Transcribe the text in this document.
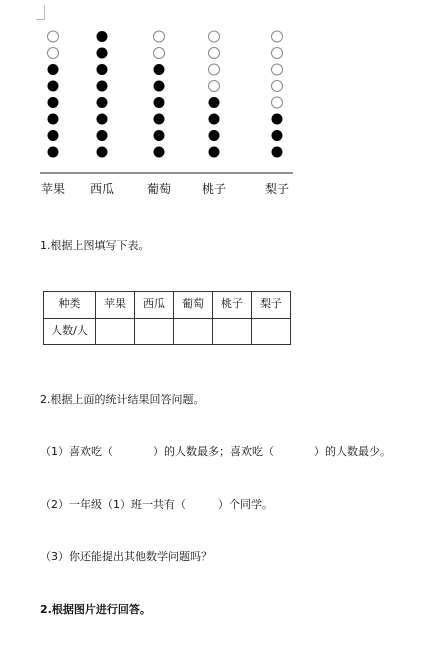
苹果 西瓜	葡萄	桃子	梨子
1.根据上图填写下表。
种类	苹果	西瓜	葡萄	桃子	梨子
人数/人					
2.根据上面的统计结果回答问题。
（1）喜欢吃（	）的人数最多；喜欢吃（	）的人数最少。
（2）一年级（1）班一共有（	）个同学。
（3）你还能提出其他数学问题吗？
2.根据图片进行回答。
